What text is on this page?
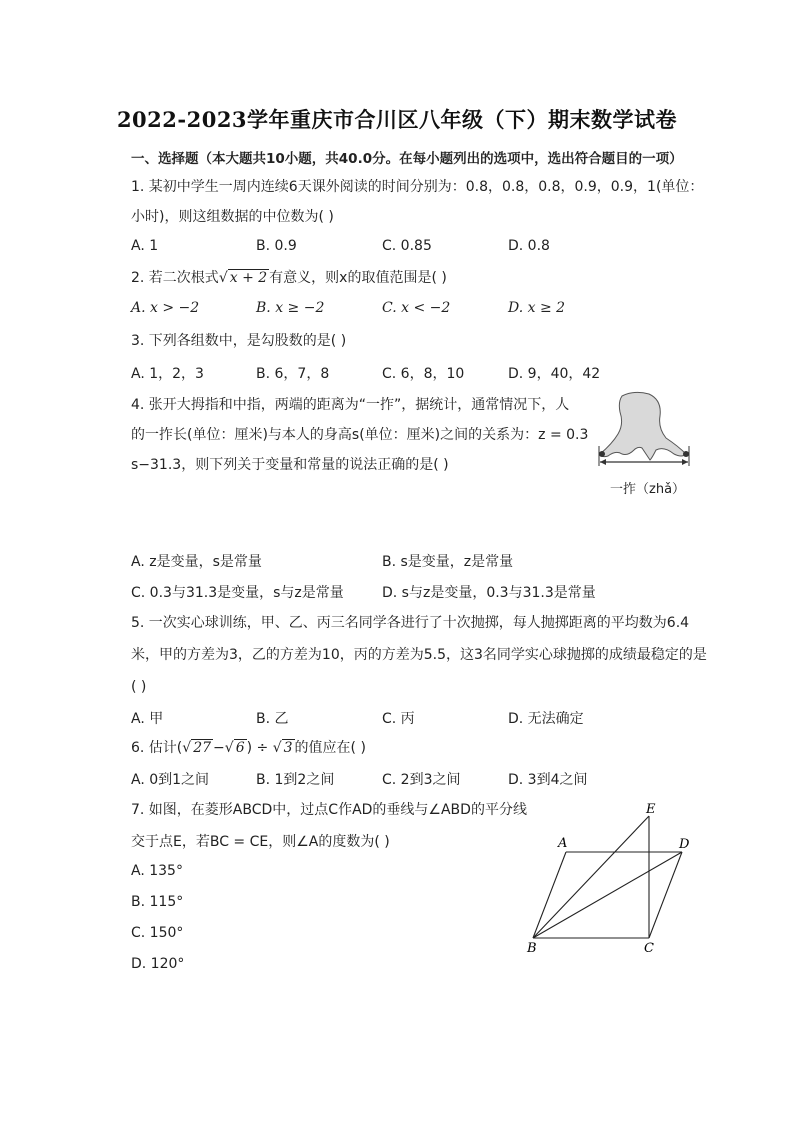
2022-2023学年重庆市合川区八年级（下）期末数学试卷
一、选择题（本大题共10小题，共40.0分。在每小题列出的选项中，选出符合题目的一项）
1. 某初中学生一周内连续6天课外阅读的时间分别为：0.8，0.8，0.8，0.9，0.9，1(单位：
小时)，则这组数据的中位数为( )
A. 1	B. 0.9	C. 0.85	D. 0.8
2. 若二次根式√ x + 2 有意义，则x的取值范围是( )
A. x > −2	B. x ≥ −2	C. x < −2	D. x ≥ 2
3. 下列各组数中，是勾股数的是( )
A. 1，2，3	B. 6，7，8	C. 6，8，10	D. 9，40，42
4. 张开大拇指和中指，两端的距离为“一拃”，据统计，通常情况下，人
的一拃长(单位：厘米)与本人的身高s(单位：厘米)之间的关系为：z = 0.3
s−31.3，则下列关于变量和常量的说法正确的是( )
一拃（zhǎ）
A. z是变量，s是常量	B. s是变量，z是常量
C. 0.3与31.3是变量，s与z是常量	D. s与z是变量，0.3与31.3是常量
5. 一次实心球训练，甲、乙、丙三名同学各进行了十次抛掷，每人抛掷距离的平均数为6.4
米，甲的方差为3，乙的方差为10，丙的方差为5.5，这3名同学实心球抛掷的成绩最稳定的是
( )
A. 甲	B. 乙	C. 丙	D. 无法确定
6. 估计(√ 27 −√ 6 ) ÷ √ 3 的值应在( )
A. 0到1之间	B. 1到2之间	C. 2到3之间	D. 3到4之间
7. 如图，在菱形ABCD中，过点C作AD的垂线与∠ABD的平分线
交于点E，若BC = CE，则∠A的度数为( )
A. 135°
B. 115°
C. 150°
D. 120°
E
A	D
B	C
